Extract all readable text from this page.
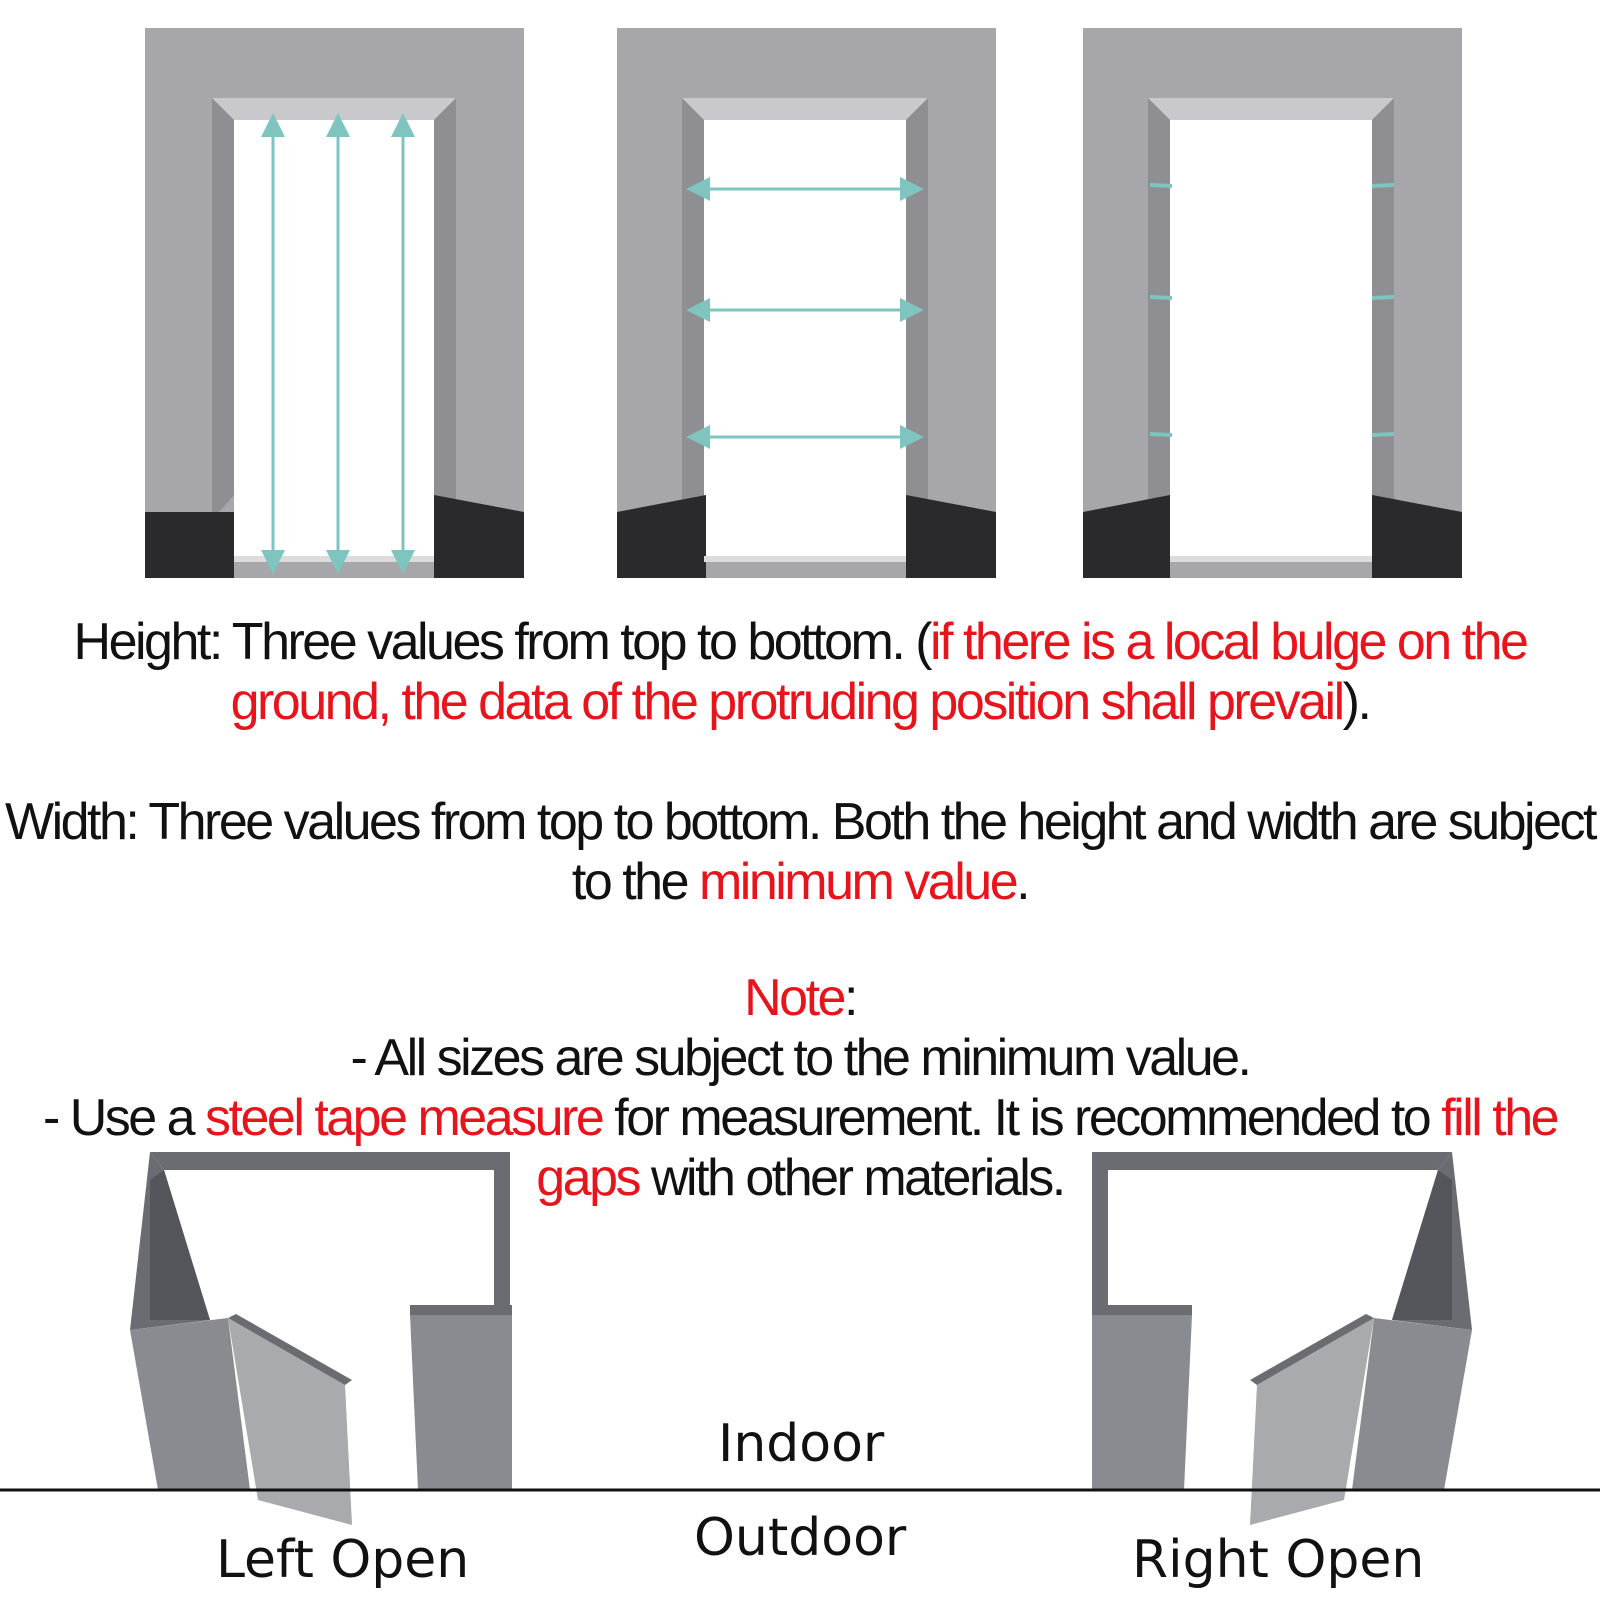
Height: Three values from top to bottom. (if there is a local bulge on the ground, the data of the protruding position shall prevail).
Width: Three values from top to bottom. Both the height and width are subject to the minimum value.
Note:
- All sizes are subject to the minimum value.
- Use a steel tape measure for measurement. It is recommended to fill the gaps with other materials.
Indoor
Outdoor
Left Open	Right Open
